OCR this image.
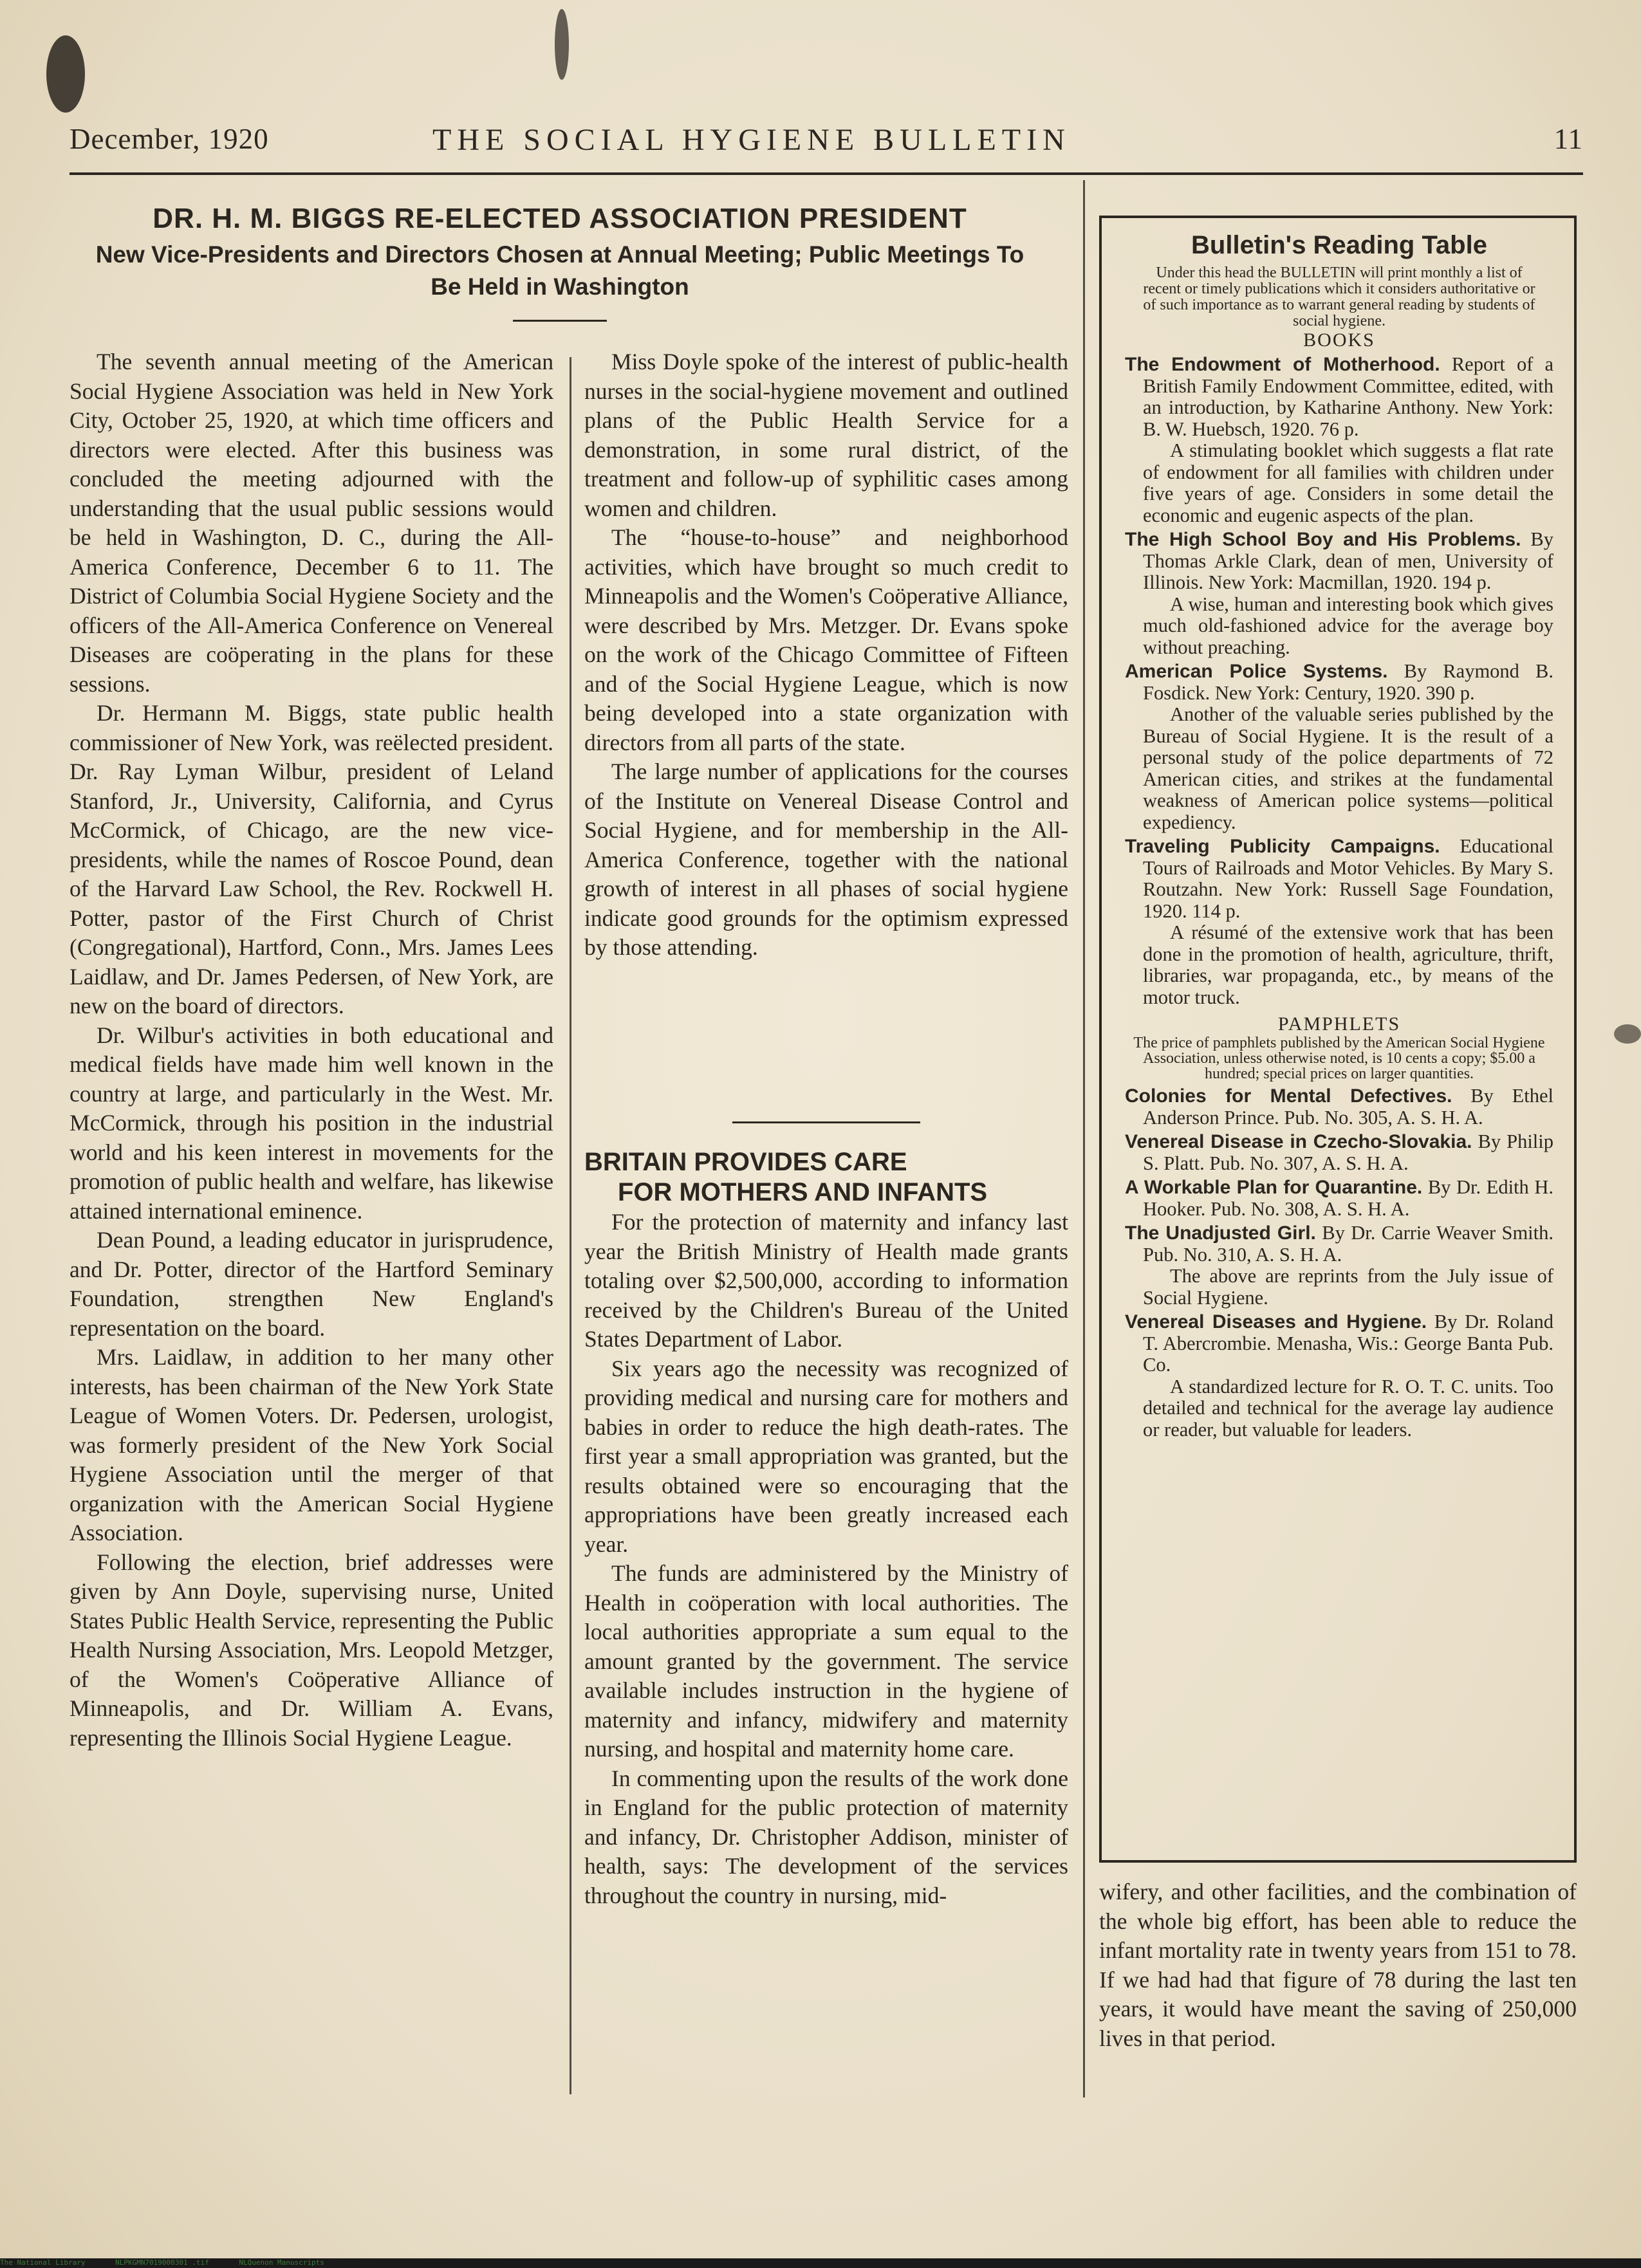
December, 1920	THE SOCIAL HYGIENE BULLETIN	11
DR. H. M. BIGGS RE-ELECTED ASSOCIATION PRESIDENT
New Vice-Presidents and Directors Chosen at Annual Meeting; Public Meetings To Be Held in Washington

The seventh annual meeting of the American Social Hygiene Association was held in New York City, October 25, 1920, at which time officers and directors were elected. After this business was concluded the meeting adjourned with the understanding that the usual public sessions would be held in Washington, D. C., during the All-America Conference, December 6 to 11. The District of Columbia Social Hygiene Society and the officers of the All-America Conference on Venereal Diseases are coöperating in the plans for these sessions.

Dr. Hermann M. Biggs, state public health commissioner of New York, was reëlected president. Dr. Ray Lyman Wilbur, president of Leland Stanford, Jr., University, California, and Cyrus McCormick, of Chicago, are the new vice-presidents, while the names of Roscoe Pound, dean of the Harvard Law School, the Rev. Rockwell H. Potter, pastor of the First Church of Christ (Congregational), Hartford, Conn., Mrs. James Lees Laidlaw, and Dr. James Pedersen, of New York, are new on the board of directors.

Dr. Wilbur's activities in both educational and medical fields have made him well known in the country at large, and particularly in the West. Mr. McCormick, through his position in the industrial world and his keen interest in movements for the promotion of public health and welfare, has likewise attained international eminence.

Dean Pound, a leading educator in jurisprudence, and Dr. Potter, director of the Hartford Seminary Foundation, strengthen New England's representation on the board.

Mrs. Laidlaw, in addition to her many other interests, has been chairman of the New York State League of Women Voters. Dr. Pedersen, urologist, was formerly president of the New York Social Hygiene Association until the merger of that organization with the American Social Hygiene Association.

Following the election, brief addresses were given by Ann Doyle, supervising nurse, United States Public Health Service, representing the Public Health Nursing Association, Mrs. Leopold Metzger, of the Women's Coöperative Alliance of Minneapolis, and Dr. William A. Evans, representing the Illinois Social Hygiene League.

Miss Doyle spoke of the interest of public-health nurses in the social-hygiene movement and outlined plans of the Public Health Service for a demonstration, in some rural district, of the treatment and follow-up of syphilitic cases among women and children.

The “house-to-house” and neighborhood activities, which have brought so much credit to Minneapolis and the Women's Coöperative Alliance, were described by Mrs. Metzger. Dr. Evans spoke on the work of the Chicago Committee of Fifteen and of the Social Hygiene League, which is now being developed into a state organization with directors from all parts of the state.

The large number of applications for the courses of the Institute on Venereal Disease Control and Social Hygiene, and for membership in the All-America Conference, together with the national growth of interest in all phases of social hygiene indicate good grounds for the optimism expressed by those attending.

BRITAIN PROVIDES CARE

FOR MOTHERS AND INFANTS

For the protection of maternity and infancy last year the British Ministry of Health made grants totaling over $2,500,000, according to information received by the Children's Bureau of the United States Department of Labor.

Six years ago the necessity was recognized of providing medical and nursing care for mothers and babies in order to reduce the high death-rates. The first year a small appropriation was granted, but the results obtained were so encouraging that the appropriations have been greatly increased each year.

The funds are administered by the Ministry of Health in coöperation with local authorities. The local authorities appropriate a sum equal to the amount granted by the government. The service available includes instruction in the hygiene of maternity and infancy, midwifery and maternity nursing, and hospital and maternity home care.

In commenting upon the results of the work done in England for the public protection of maternity and infancy, Dr. Christopher Addison, minister of health, says: The development of the services throughout the country in nursing, mid-

Bulletin's Reading Table

Under this head the BULLETIN will print monthly a list of recent or timely publications which it considers authoritative or of such importance as to warrant general reading by students of social hygiene.

BOOKS

The Endowment of Motherhood. Report of a British Family Endowment Committee, edited, with an introduction, by Katharine Anthony. New York: B. W. Huebsch, 1920. 76 p.

A stimulating booklet which suggests a flat rate of endowment for all families with children under five years of age. Considers in some detail the economic and eugenic aspects of the plan.

The High School Boy and His Problems. By Thomas Arkle Clark, dean of men, University of Illinois. New York: Macmillan, 1920. 194 p.

A wise, human and interesting book which gives much old-fashioned advice for the average boy without preaching.

American Police Systems. By Raymond B. Fosdick. New York: Century, 1920. 390 p.

Another of the valuable series published by the Bureau of Social Hygiene. It is the result of a personal study of the police departments of 72 American cities, and strikes at the fundamental weakness of American police systems—political expediency.

Traveling Publicity Campaigns. Educational Tours of Railroads and Motor Vehicles. By Mary S. Routzahn. New York: Russell Sage Foundation, 1920. 114 p.

A résumé of the extensive work that has been done in the promotion of health, agriculture, thrift, libraries, war propaganda, etc., by means of the motor truck.

PAMPHLETS

The price of pamphlets published by the American Social Hygiene Association, unless otherwise noted, is 10 cents a copy; $5.00 a hundred; special prices on larger quantities.

Colonies for Mental Defectives. By Ethel Anderson Prince. Pub. No. 305, A. S. H. A.

Venereal Disease in Czecho-Slovakia. By Philip S. Platt. Pub. No. 307, A. S. H. A.

A Workable Plan for Quarantine. By Dr. Edith H. Hooker. Pub. No. 308, A. S. H. A.

The Unadjusted Girl. By Dr. Carrie Weaver Smith. Pub. No. 310, A. S. H. A.

The above are reprints from the July issue of Social Hygiene.

Venereal Diseases and Hygiene. By Dr. Roland T. Abercrombie. Menasha, Wis.: George Banta Pub. Co.

A standardized lecture for R. O. T. C. units. Too detailed and technical for the average lay audience or reader, but valuable for leaders.

wifery, and other facilities, and the combination of the whole big effort, has been able to reduce the infant mortality rate in twenty years from 151 to 78. If we had had that figure of 78 during the last ten years, it would have meant the saving of 250,000 lives in that period.

The National Library	NLPKGMN7019000301 .tif	NLQuenon Manuscripts
